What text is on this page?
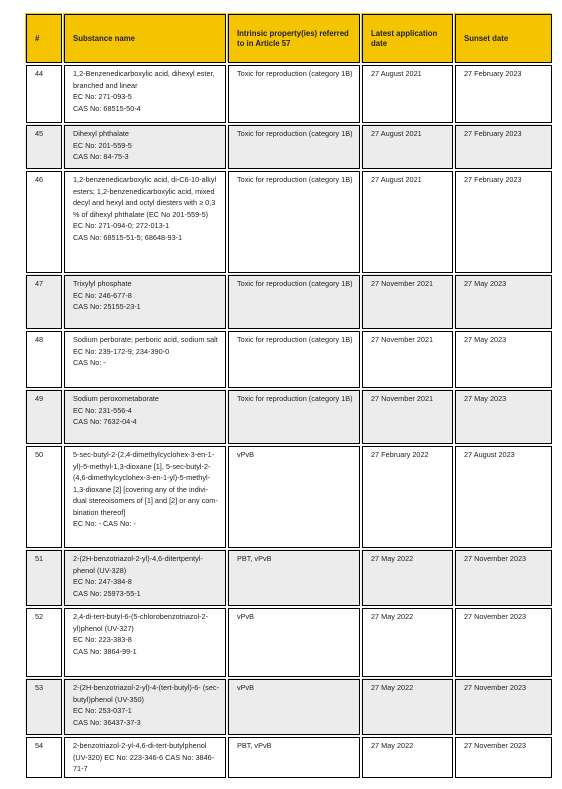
#	Substance name	Intrinsic property(ies) referred to in Article 57	Latest application date	Sunset date
44	1,2-Benzenedicarboxylic acid, dihexyl ester, branched and linear
EC No: 271-093-5
CAS No: 68515-50-4	Toxic for reproduction (category 1B)	27 August 2021	27 February 2023
45	Dihexyl phthalate
EC No: 201-559-5
CAS No: 84-75-3	Toxic for reproduction (category 1B)	27 August 2021	27 February 2023
46	1,2-benzenedicarboxylic acid, di-C6-10-alkyl esters; 1,2-benzenedicarboxylic acid, mixed decyl and hexyl and octyl diesters with ≥ 0,3 % of dihexyl phthalate (EC No 201-559-5) EC No: 271-094-0; 272-013-1
CAS No: 68515-51-5; 68648-93-1	Toxic for reproduction (category 1B)	27 August 2021	27 February 2023
47	Trixylyl phosphate
EC No: 246-677-8
CAS No: 25155-23-1	Toxic for reproduction (category 1B)	27 November 2021	27 May 2023
48	Sodium perborate; perboric acid, sodium salt
EC No: 239-172-9; 234-390-0
CAS No: -	Toxic for reproduction (category 1B)	27 November 2021	27 May 2023
49	Sodium peroxometaborate
EC No: 231-556-4
CAS No: 7632-04-4	Toxic for reproduction (category 1B)	27 November 2021	27 May 2023
50	5-sec-butyl-2-(2,4-dimethylcyclohex-3-en-1- yl)-5-methyl-1,3-dioxane [1], 5-sec-butyl-2- (4,6-dimethylcyclohex-3-en-1-yl)-5-methyl- 1,3-dioxane [2] [covering any of the indivi-dual stereoisomers of [1] and [2] or any com-bination thereof]
EC No: - CAS No: -	vPvB	27 February 2022	27 August 2023
51	2-(2H-benzotriazol-2-yl)-4,6-ditertpentyl-phenol (UV-328)
EC No: 247-384-8
CAS No: 25973-55-1	PBT, vPvB	27 May 2022	27 November 2023
52	2,4-di-tert-butyl-6-(5-chlorobenzotriazol-2- yl)phenol (UV-327)
EC No: 223-383-8
CAS No: 3864-99-1	vPvB	27 May 2022	27 November 2023
53	2-(2H-benzotriazol-2-yl)-4-(tert-butyl)-6- (sec-butyl)phenol (UV-350)
EC No: 253-037-1
CAS No: 36437-37-3	vPvB	27 May 2022	27 November 2023
54	2-benzotriazol-2-yl-4,6-di-tert-butylphenol (UV-320) EC No: 223-346-6 CAS No: 3846-71-7	PBT, vPvB	27 May 2022	27 November 2023
